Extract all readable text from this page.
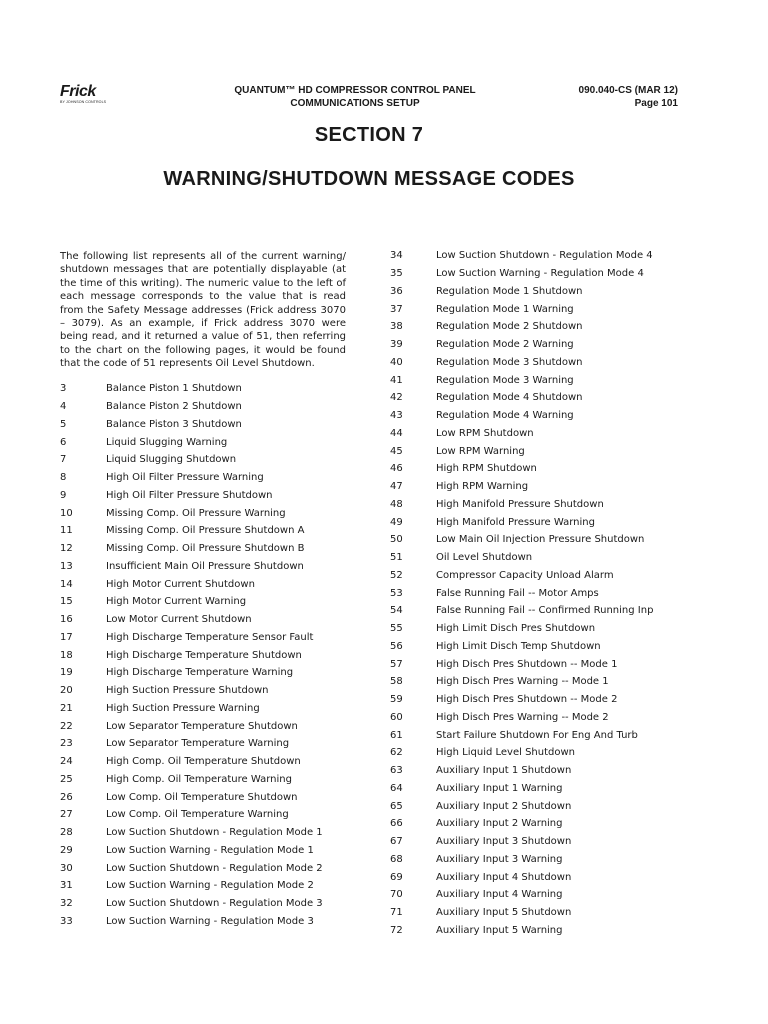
Frick
BY JOHNSON CONTROLS
QUANTUM™ HD COMPRESSOR CONTROL PANEL
COMMUNICATIONS SETUP
090.040-CS (MAR 12)
Page 101
SECTION 7
WARNING/SHUTDOWN MESSAGE CODES
The following list represents all of the current warning/ shutdown messages that are potentially displayable (at the time of this writing). The numeric value to the left of each message corresponds to the value that is read from the Safety Message addresses (Frick address 3070 – 3079). As an example, if Frick address 3070 were being read, and it returned a value of 51, then referring to the chart on the following pages, it would be found that the code of 51 represents Oil Level Shutdown.
3	Balance Piston 1 Shutdown
4	Balance Piston 2 Shutdown
5	Balance Piston 3 Shutdown
6	Liquid Slugging Warning
7	Liquid Slugging Shutdown
8	High Oil Filter Pressure Warning
9	High Oil Filter Pressure Shutdown
10	Missing Comp. Oil Pressure Warning
11	Missing Comp. Oil Pressure Shutdown A
12	Missing Comp. Oil Pressure Shutdown B
13	Insufficient Main Oil Pressure Shutdown
14	High Motor Current Shutdown
15	High Motor Current Warning
16	Low Motor Current Shutdown
17	High Discharge Temperature Sensor Fault
18	High Discharge Temperature Shutdown
19	High Discharge Temperature Warning
20	High Suction Pressure Shutdown
21	High Suction Pressure Warning
22	Low Separator Temperature Shutdown
23	Low Separator Temperature Warning
24	High Comp. Oil Temperature Shutdown
25	High Comp. Oil Temperature Warning
26	Low Comp. Oil Temperature Shutdown
27	Low Comp. Oil Temperature Warning
28	Low Suction Shutdown - Regulation Mode 1
29	Low Suction Warning - Regulation Mode 1
30	Low Suction Shutdown - Regulation Mode 2
31	Low Suction Warning - Regulation Mode 2
32	Low Suction Shutdown - Regulation Mode 3
33	Low Suction Warning - Regulation Mode 3
34	Low Suction Shutdown - Regulation Mode 4
35	Low Suction Warning - Regulation Mode 4
36	Regulation Mode 1 Shutdown
37	Regulation Mode 1 Warning
38	Regulation Mode 2 Shutdown
39	Regulation Mode 2 Warning
40	Regulation Mode 3 Shutdown
41	Regulation Mode 3 Warning
42	Regulation Mode 4 Shutdown
43	Regulation Mode 4 Warning
44	Low RPM Shutdown
45	Low RPM Warning
46	High RPM Shutdown
47	High RPM Warning
48	High Manifold Pressure Shutdown
49	High Manifold Pressure Warning
50	Low Main Oil Injection Pressure Shutdown
51	Oil Level Shutdown
52	Compressor Capacity Unload Alarm
53	False Running Fail -- Motor Amps
54	False Running Fail -- Confirmed Running Inp
55	High Limit Disch Pres Shutdown
56	High Limit Disch Temp Shutdown
57	High Disch Pres Shutdown -- Mode 1
58	High Disch Pres Warning -- Mode 1
59	High Disch Pres Shutdown -- Mode 2
60	High Disch Pres Warning -- Mode 2
61	Start Failure Shutdown For Eng And Turb
62	High Liquid Level Shutdown
63	Auxiliary Input 1 Shutdown
64	Auxiliary Input 1 Warning
65	Auxiliary Input 2 Shutdown
66	Auxiliary Input 2 Warning
67	Auxiliary Input 3 Shutdown
68	Auxiliary Input 3 Warning
69	Auxiliary Input 4 Shutdown
70	Auxiliary Input 4 Warning
71	Auxiliary Input 5 Shutdown
72	Auxiliary Input 5 Warning
